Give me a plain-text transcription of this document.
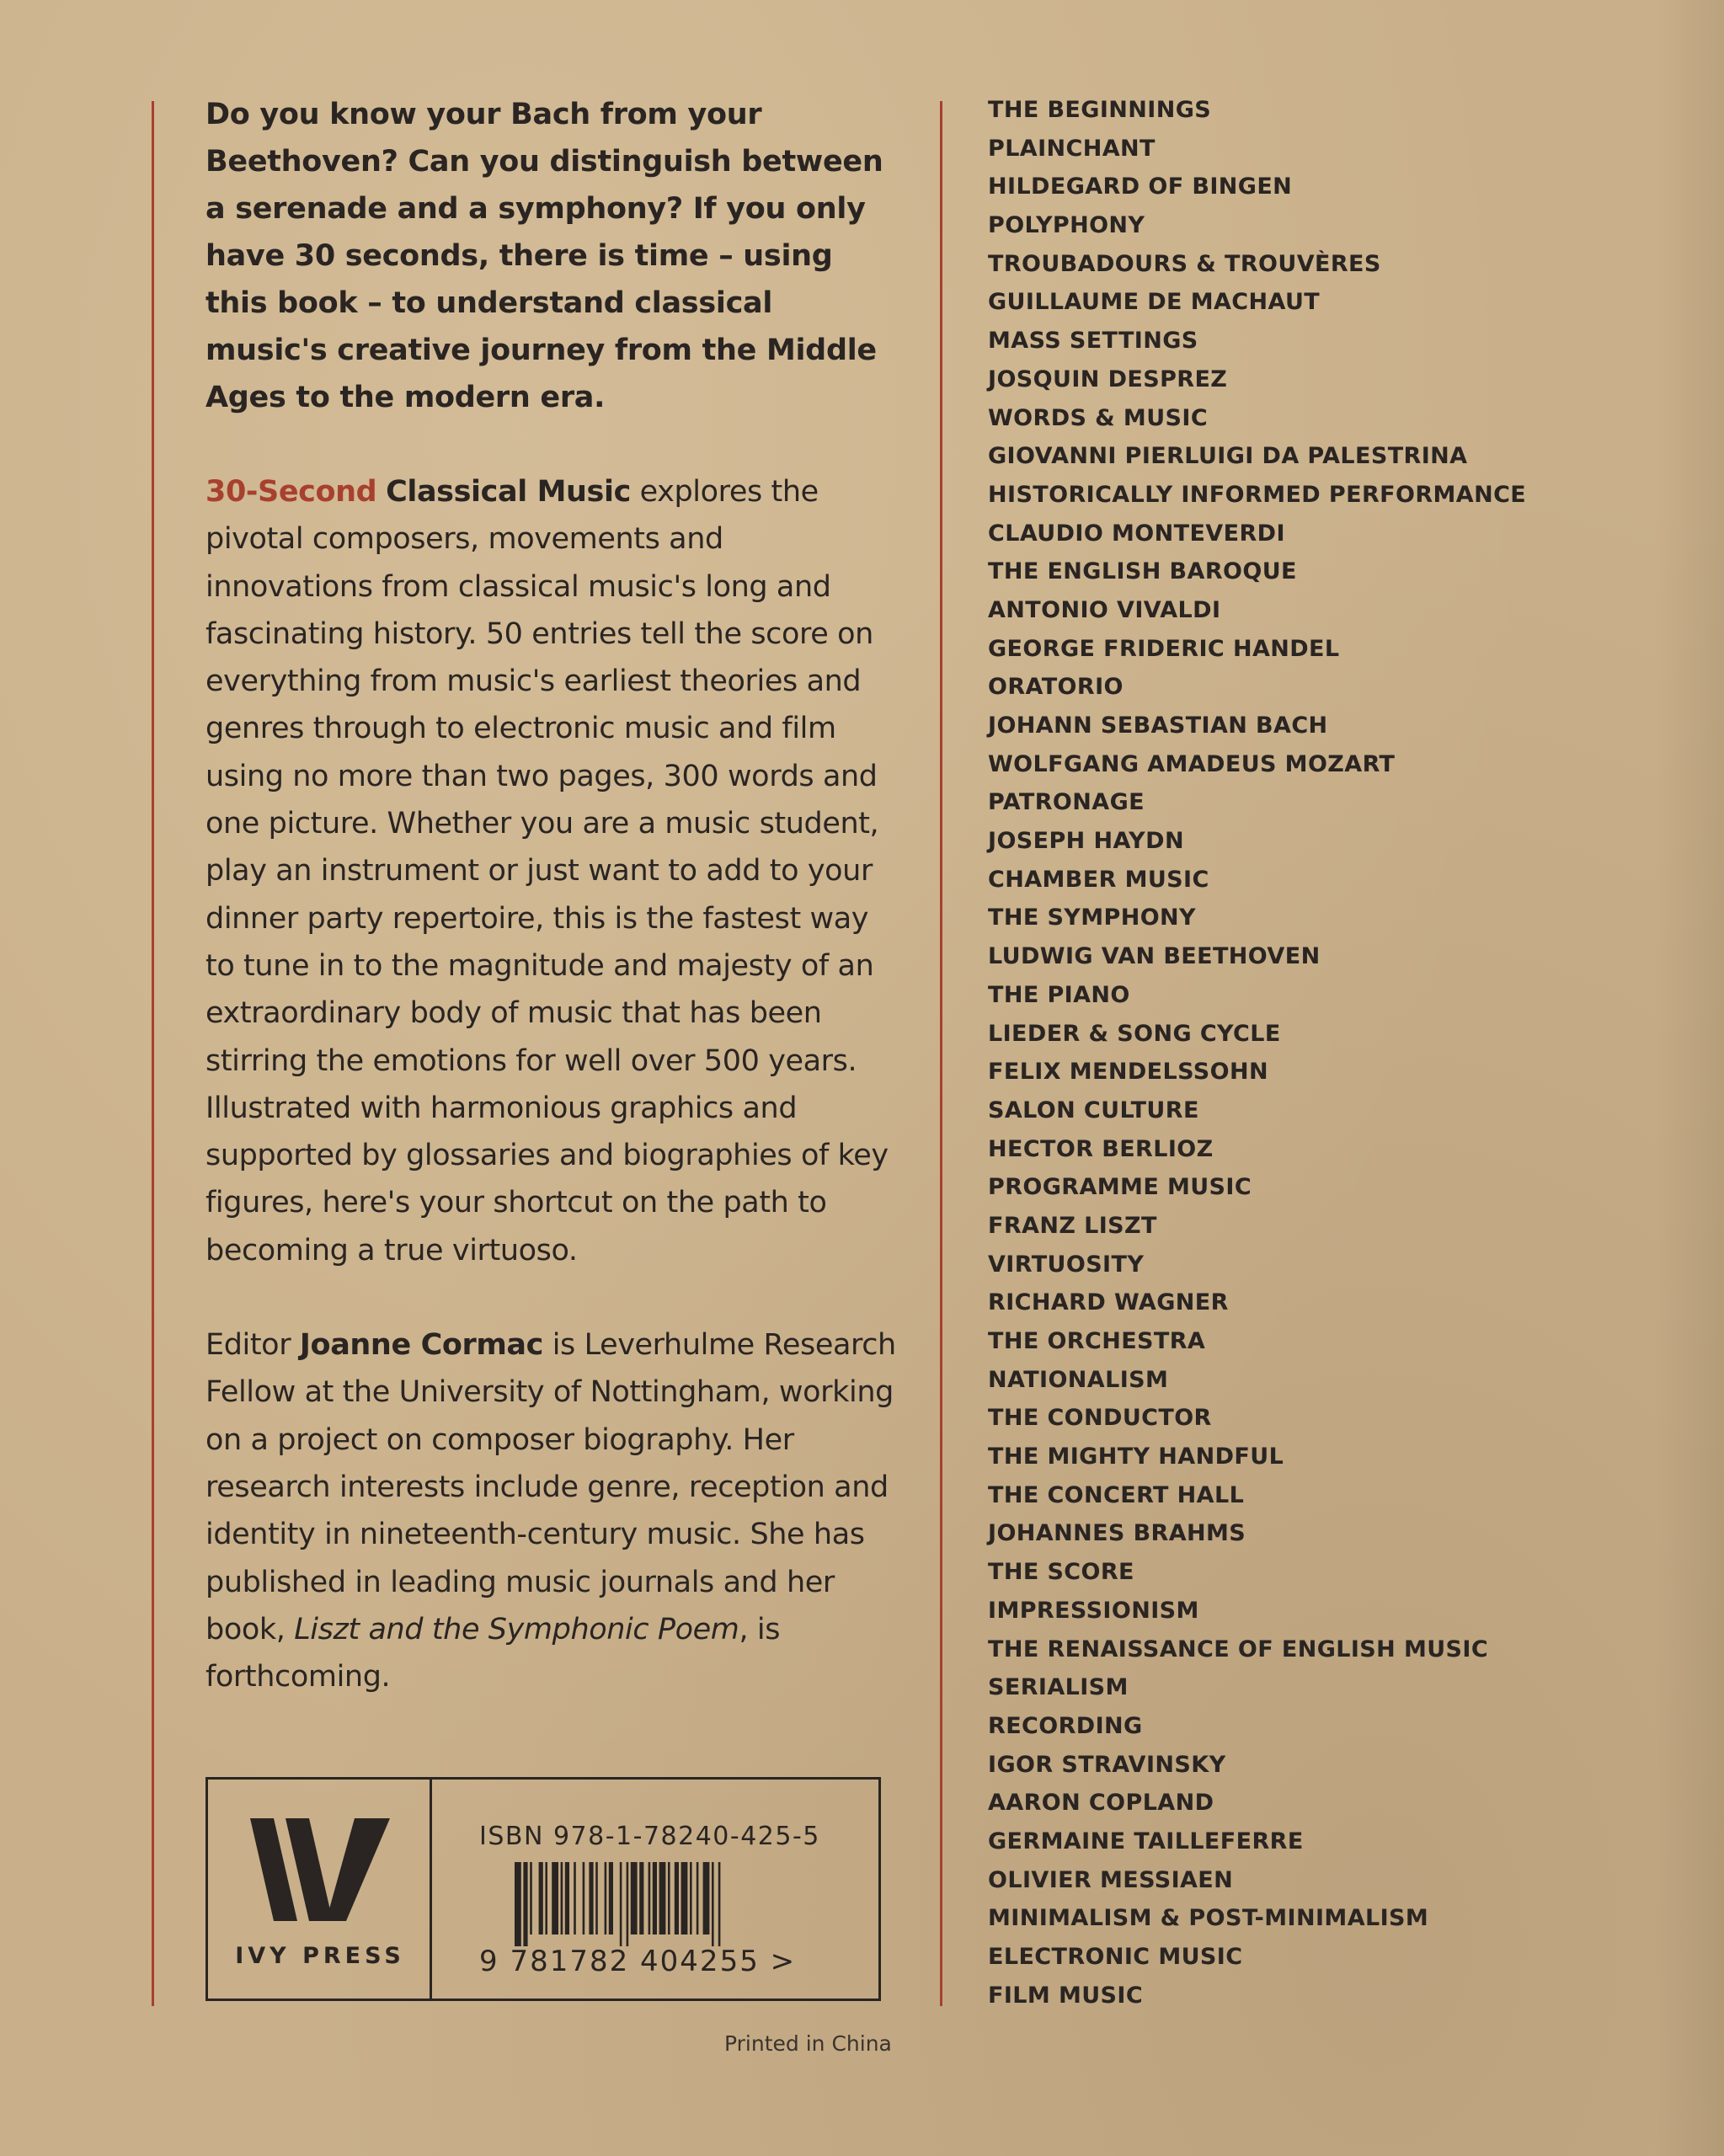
Do you know your Bach from your Beethoven? Can you distinguish between a serenade and a symphony? If you only have 30 seconds, there is time – using this book – to understand classical music's creative journey from the Middle Ages to the modern era.

30-Second Classical Music explores the pivotal composers, movements and innovations from classical music's long and fascinating history. 50 entries tell the score on everything from music's earliest theories and genres through to electronic music and film using no more than two pages, 300 words and one picture. Whether you are a music student, play an instrument or just want to add to your dinner party repertoire, this is the fastest way to tune in to the magnitude and majesty of an extraordinary body of music that has been stirring the emotions for well over 500 years. Illustrated with harmonious graphics and supported by glossaries and biographies of key figures, here's your shortcut on the path to becoming a true virtuoso.

Editor Joanne Cormac is Leverhulme Research Fellow at the University of Nottingham, working on a project on composer biography. Her research interests include genre, reception and identity in nineteenth-century music. She has published in leading music journals and her book, Liszt and the Symphonic Poem, is forthcoming.

IVY PRESS
ISBN 978-1-78240-425-5
9 781782 404255 >
Printed in China
THE BEGINNINGS
PLAINCHANT
HILDEGARD OF BINGEN
POLYPHONY
TROUBADOURS & TROUVÈRES
GUILLAUME DE MACHAUT
MASS SETTINGS
JOSQUIN DESPREZ
WORDS & MUSIC
GIOVANNI PIERLUIGI DA PALESTRINA
HISTORICALLY INFORMED PERFORMANCE
CLAUDIO MONTEVERDI
THE ENGLISH BAROQUE
ANTONIO VIVALDI
GEORGE FRIDERIC HANDEL
ORATORIO
JOHANN SEBASTIAN BACH
WOLFGANG AMADEUS MOZART
PATRONAGE
JOSEPH HAYDN
CHAMBER MUSIC
THE SYMPHONY
LUDWIG VAN BEETHOVEN
THE PIANO
LIEDER & SONG CYCLE
FELIX MENDELSSOHN
SALON CULTURE
HECTOR BERLIOZ
PROGRAMME MUSIC
FRANZ LISZT
VIRTUOSITY
RICHARD WAGNER
THE ORCHESTRA
NATIONALISM
THE CONDUCTOR
THE MIGHTY HANDFUL
THE CONCERT HALL
JOHANNES BRAHMS
THE SCORE
IMPRESSIONISM
THE RENAISSANCE OF ENGLISH MUSIC
SERIALISM
RECORDING
IGOR STRAVINSKY
AARON COPLAND
GERMAINE TAILLEFERRE
OLIVIER MESSIAEN
MINIMALISM & POST-MINIMALISM
ELECTRONIC MUSIC
FILM MUSIC
